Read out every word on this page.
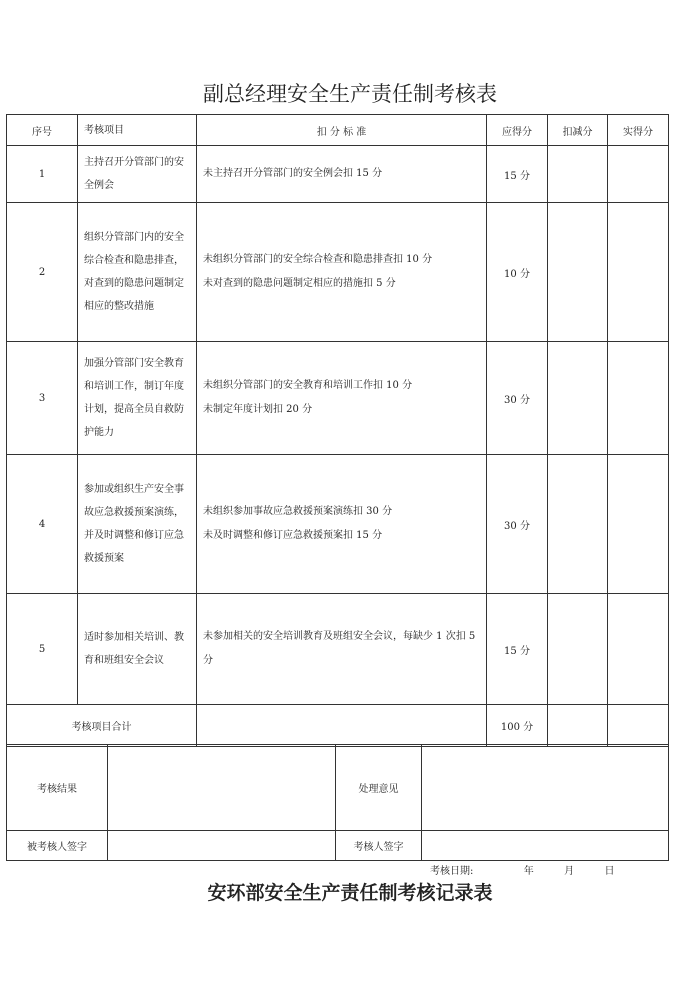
副总经理安全生产责任制考核表
序号	考核项目	扣 分 标 准	应得分	扣减分	实得分
1	主持召开分管部门的安全例会	未主持召开分管部门的安全例会扣 15 分	15 分		
2	组织分管部门内的安全综合检查和隐患排查，对查到的隐患问题制定相应的整改措施	未组织分管部门的安全综合检查和隐患排查扣 10 分
未对查到的隐患问题制定相应的措施扣 5 分	10 分		
3	加强分管部门安全教育和培训工作，制订年度计划，提高全员自救防护能力	未组织分管部门的安全教育和培训工作扣 10 分
未制定年度计划扣 20 分	30 分		
4	参加或组织生产安全事故应急救援预案演练，并及时调整和修订应急救援预案	未组织参加事故应急救援预案演练扣 30 分
未及时调整和修订应急救援预案扣 15 分	30 分		
5	适时参加相关培训、教育和班组安全会议	未参加相关的安全培训教育及班组安全会议，每缺少 1 次扣 5 分	15 分		
考核项目合计			100 分		
考核结果		处理意见	
被考核人签字		考核人签字	
考核日期:	年	月	日
安环部安全生产责任制考核记录表
